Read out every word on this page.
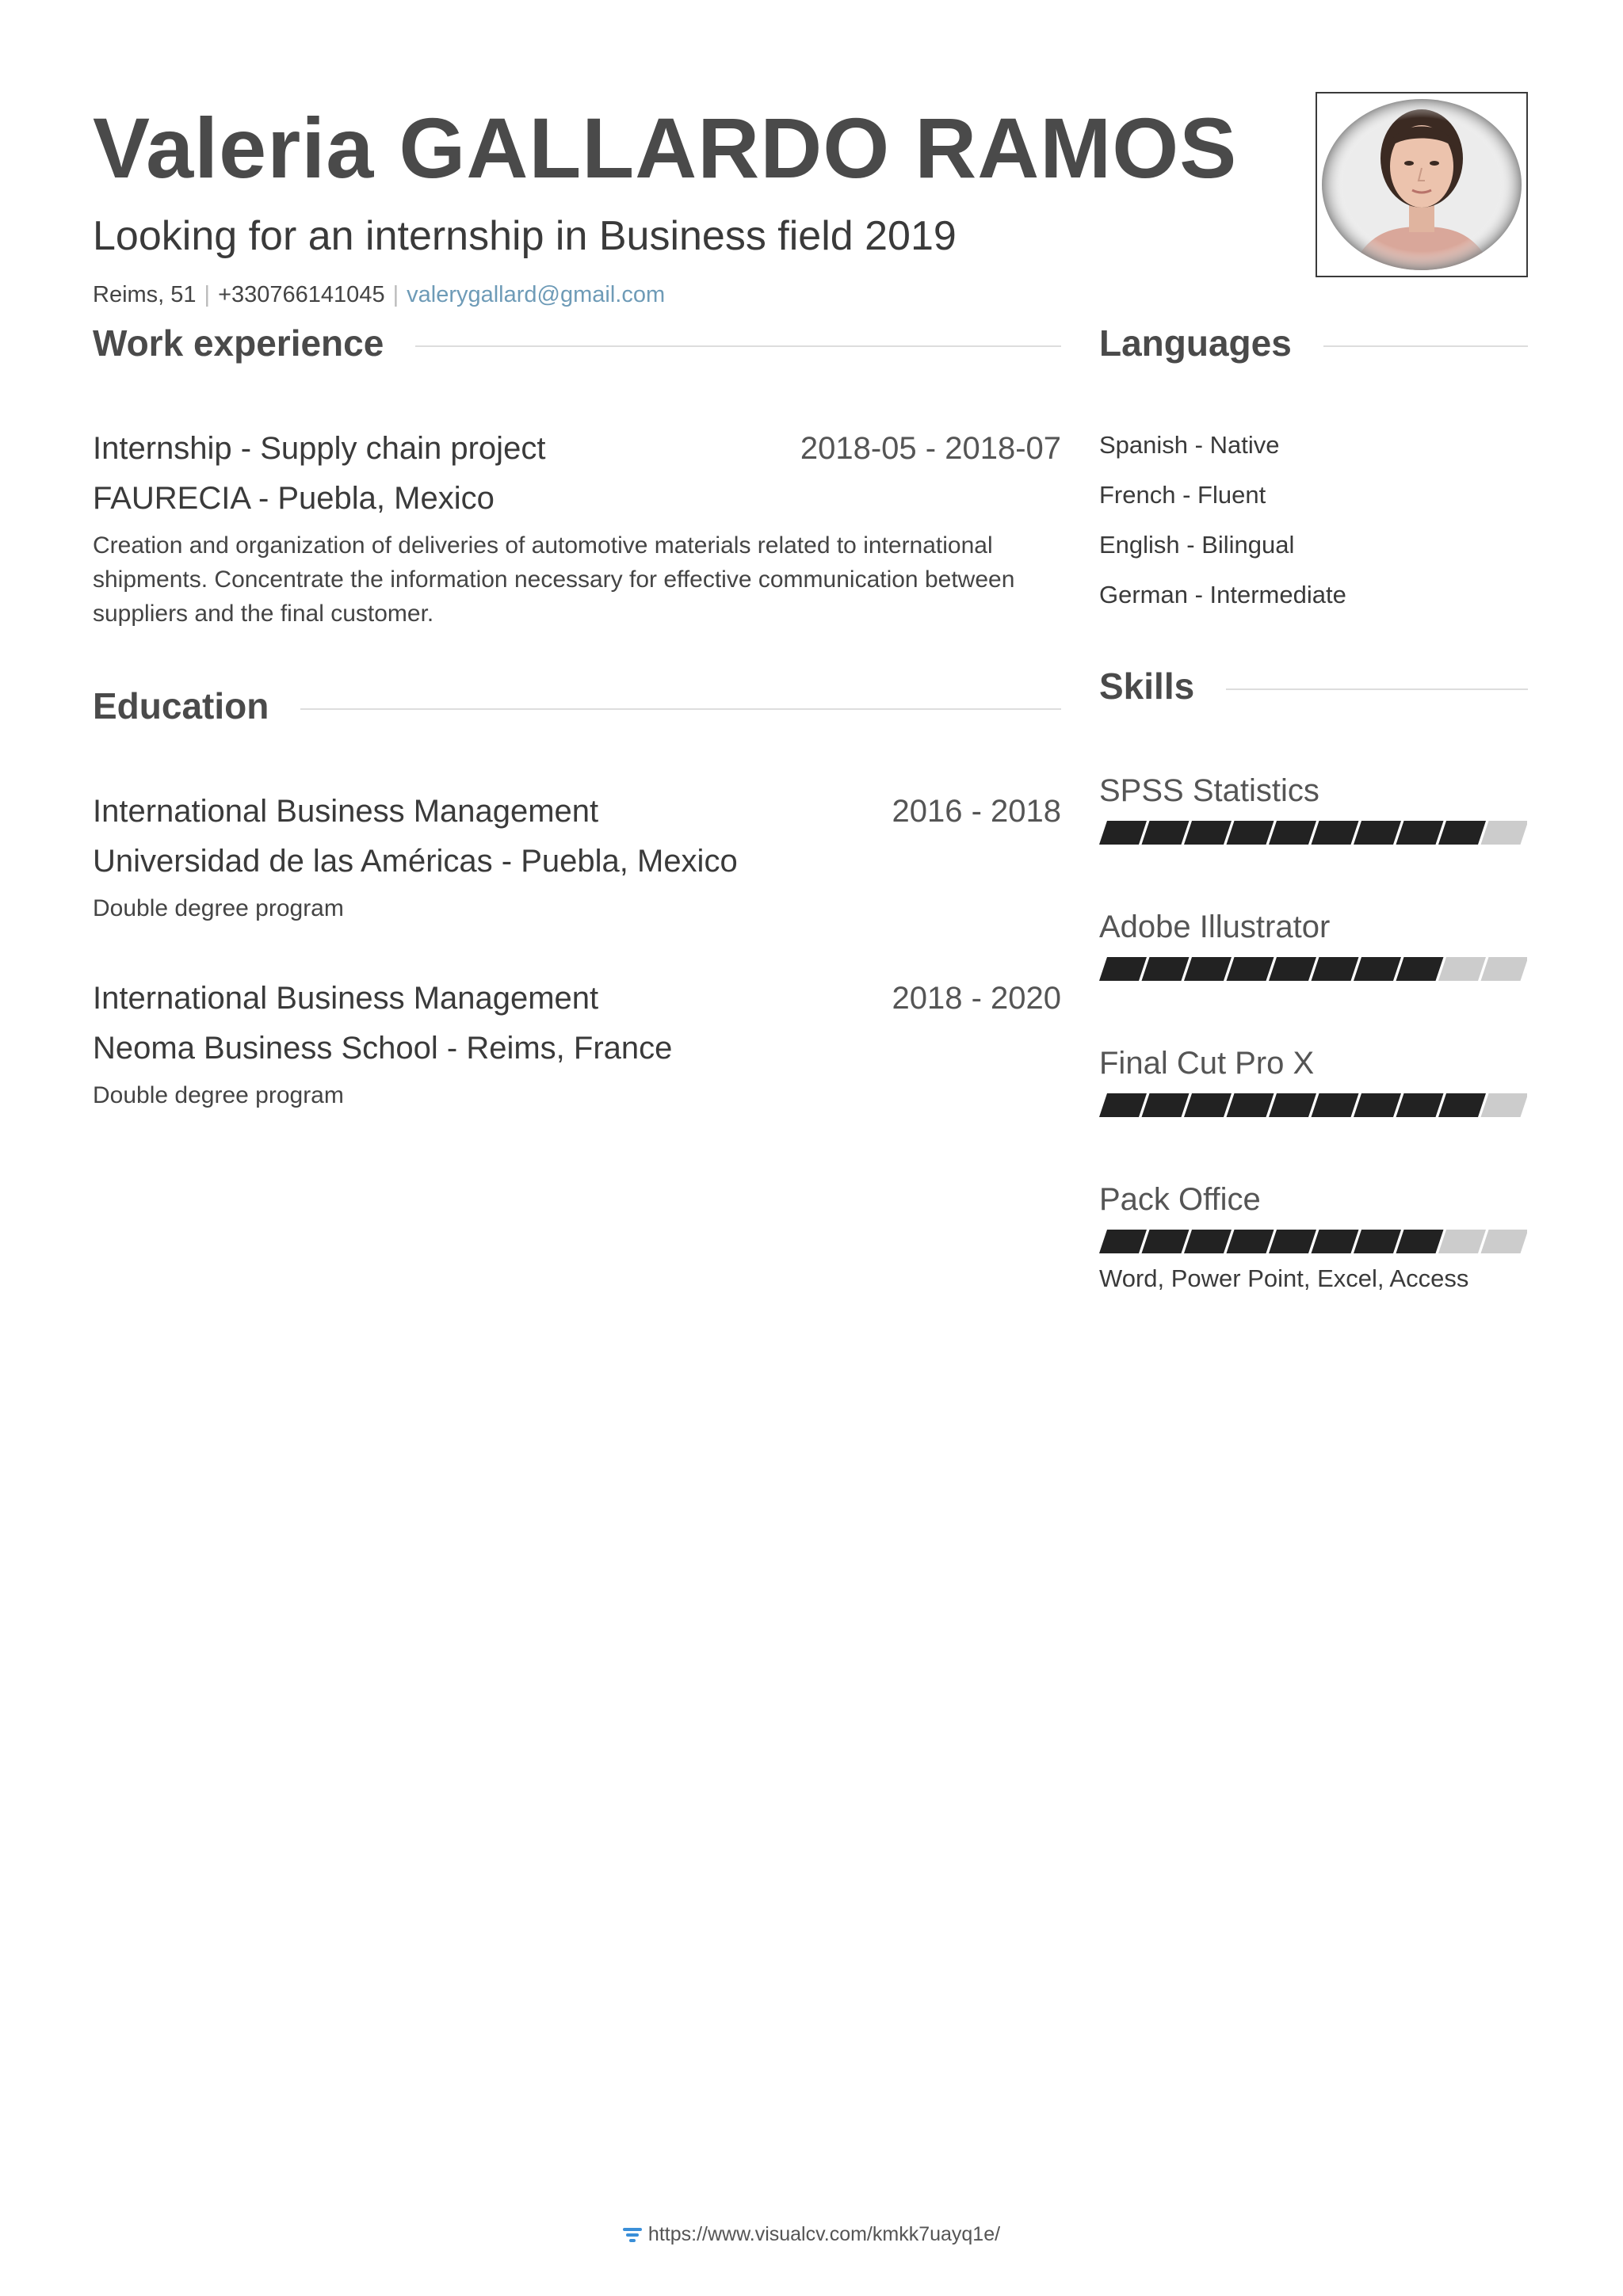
Valeria GALLARDO RAMOS
Looking for an internship in Business field 2019
Reims, 51 | +330766141045 | valerygallard@gmail.com
Work experience
Internship - Supply chain project	2018-05 - 2018-07
FAURECIA - Puebla, Mexico
Creation and organization of deliveries of automotive materials related to international shipments. Concentrate the information necessary for effective communication between suppliers and the final customer.
Education
International Business Management	2016 - 2018
Universidad de las Américas - Puebla, Mexico
Double degree program
International Business Management	2018 - 2020
Neoma Business School - Reims, France
Double degree program
Languages
Spanish - Native
French - Fluent
English - Bilingual
German - Intermediate
Skills
SPSS Statistics
Adobe Illustrator
Final Cut Pro X
Pack Office
Word, Power Point, Excel, Access
https://www.visualcv.com/kmkk7uayq1e/
